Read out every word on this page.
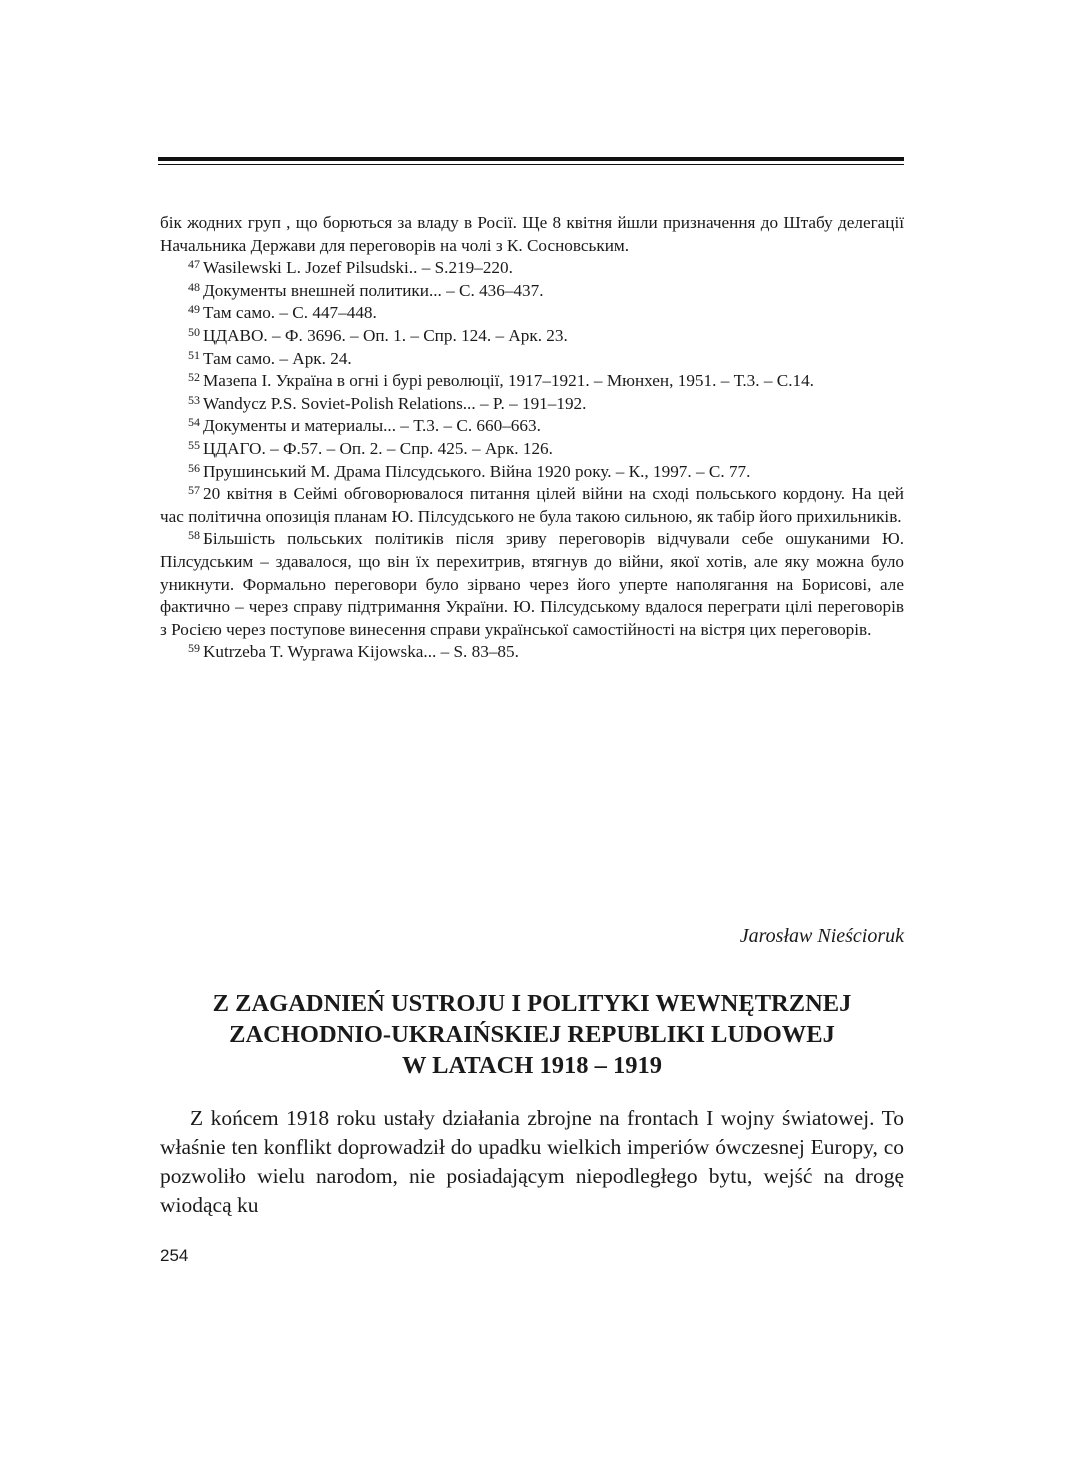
бік жодних груп , що борються за владу в Росії. Ще 8 квітня йшли призначення до Штабу делегації Начальника Держави для переговорів на чолі з К. Сосновським.

$^{47}$ Wasilewski L. Jozef Pilsudski.. – S.219–220.

$^{48}$ Документы внешней политики... – С. 436–437.

$^{49}$ Там само. – С. 447–448.

$^{50}$ ЦДАВО. – Ф. 3696. – Оп. 1. – Спр. 124. – Арк. 23.

$^{51}$ Там само. – Арк. 24.

$^{52}$ Мазепа І. Україна в огні і бурі революції, 1917–1921. – Мюнхен, 1951. – Т.3. – С.14.

$^{53}$ Wandycz P.S. Soviet-Polish Relations... – P. – 191–192.

$^{54}$ Документы и материалы... – Т.3. – С. 660–663.

$^{55}$ ЦДАГО. – Ф.57. – Оп. 2. – Спр. 425. – Арк. 126.

$^{56}$ Прушинський М. Драма Пілсудського. Війна 1920 року. – К., 1997. – С. 77.

$^{57}$ 20 квітня в Сеймі обговорювалося питання цілей війни на сході польського кордону. На цей час політична опозиція планам Ю. Пілсудського не була такою сильною, як табір його прихильників.

$^{58}$ Більшість польських політиків після зриву переговорів відчували себе ошуканими Ю. Пілсудським – здавалося, що він їх перехитрив, втягнув до війни, якої хотів, але яку можна було уникнути. Формально переговори було зірвано через його уперте наполягання на Борисові, але фактично – через справу підтримання України. Ю. Пілсудському вдалося переграти цілі переговорів з Росією через поступове винесення справи української самостійності на вістря цих переговорів.

$^{59}$ Kutrzeba T. Wyprawa Kijowska... – S. 83–85.

Jarosław Nieścioruk
Z ZAGADNIEŃ USTROJU I POLITYKI WEWNĘTRZNEJ
ZACHODNIO-UKRAIŃSKIEJ REPUBLIKI LUDOWEJ
W LATACH 1918 – 1919

Z końcem 1918 roku ustały działania zbrojne na frontach I wojny światowej. To właśnie ten konflikt doprowadził do upadku wielkich imperiów ówczesnej Europy, co pozwoliło wielu narodom, nie posiadającym niepodległego bytu, wejść na drogę wiodącą ku

254
